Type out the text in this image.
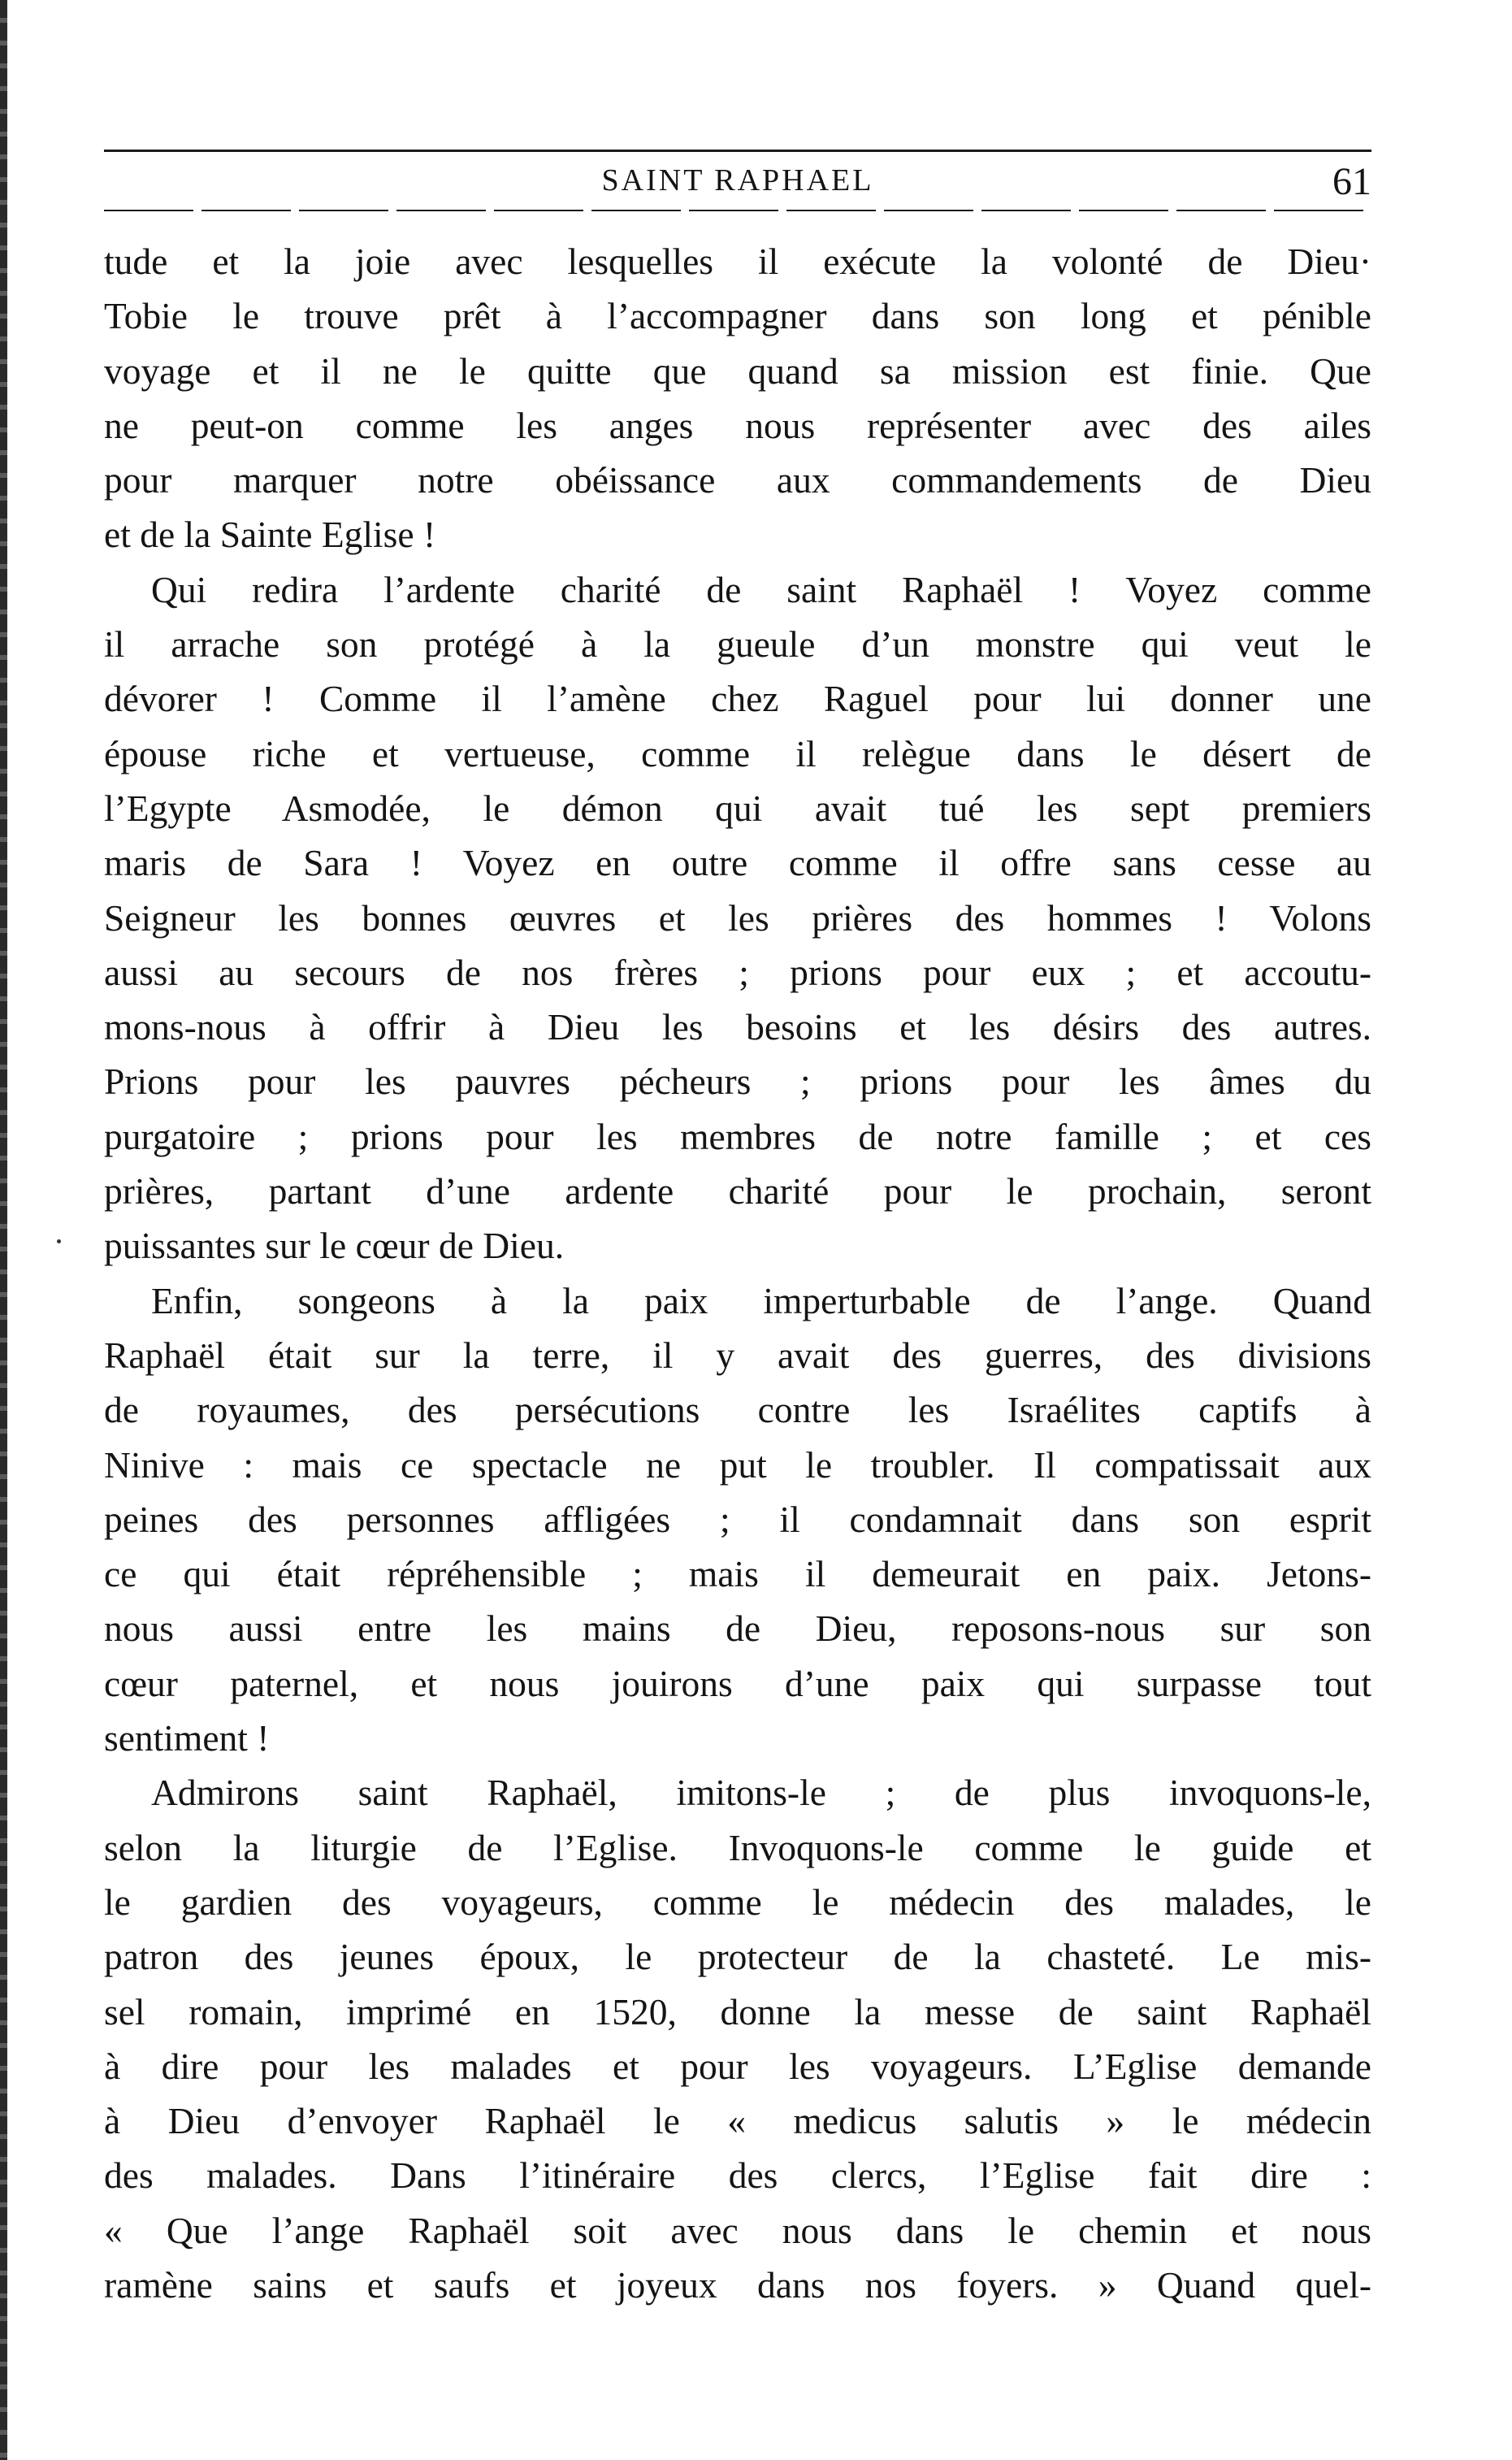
SAINT RAPHAEL	61
tude et la joie avec lesquelles il exécute la volonté de Dieu·
Tobie le trouve prêt à l’accompagner dans son long et pénible
voyage et il ne le quitte que quand sa mission est finie. Que
ne peut-on comme les anges nous représenter avec des ailes
pour marquer notre obéissance aux commandements de Dieu
et de la Sainte Eglise !
Qui redira l’ardente charité de saint Raphaël ! Voyez comme
il arrache son protégé à la gueule d’un monstre qui veut le
dévorer ! Comme il l’amène chez Raguel pour lui donner une
épouse riche et vertueuse, comme il relègue dans le désert de
l’Egypte Asmodée, le démon qui avait tué les sept premiers
maris de Sara ! Voyez en outre comme il offre sans cesse au
Seigneur les bonnes œuvres et les prières des hommes ! Volons
aussi au secours de nos frères ; prions pour eux ; et accoutu-
mons-nous à offrir à Dieu les besoins et les désirs des autres.
Prions pour les pauvres pécheurs ; prions pour les âmes du
purgatoire ; prions pour les membres de notre famille ; et ces
prières, partant d’une ardente charité pour le prochain, seront
puissantes sur le cœur de Dieu.
Enfin, songeons à la paix imperturbable de l’ange. Quand
Raphaël était sur la terre, il y avait des guerres, des divisions
de royaumes, des persécutions contre les Israélites captifs à
Ninive : mais ce spectacle ne put le troubler. Il compatissait aux
peines des personnes affligées ; il condamnait dans son esprit
ce qui était répréhensible ; mais il demeurait en paix. Jetons-
nous aussi entre les mains de Dieu, reposons-nous sur son
cœur paternel, et nous jouirons d’une paix qui surpasse tout
sentiment !
Admirons saint Raphaël, imitons-le ; de plus invoquons-le,
selon la liturgie de l’Eglise. Invoquons-le comme le guide et
le gardien des voyageurs, comme le médecin des malades, le
patron des jeunes époux, le protecteur de la chasteté. Le mis-
sel romain, imprimé en 1520, donne la messe de saint Raphaël
à dire pour les malades et pour les voyageurs. L’Eglise demande
à Dieu d’envoyer Raphaël le « medicus salutis » le médecin
des malades. Dans l’itinéraire des clercs, l’Eglise fait dire :
« Que l’ange Raphaël soit avec nous dans le chemin et nous
ramène sains et saufs et joyeux dans nos foyers. » Quand quel-
